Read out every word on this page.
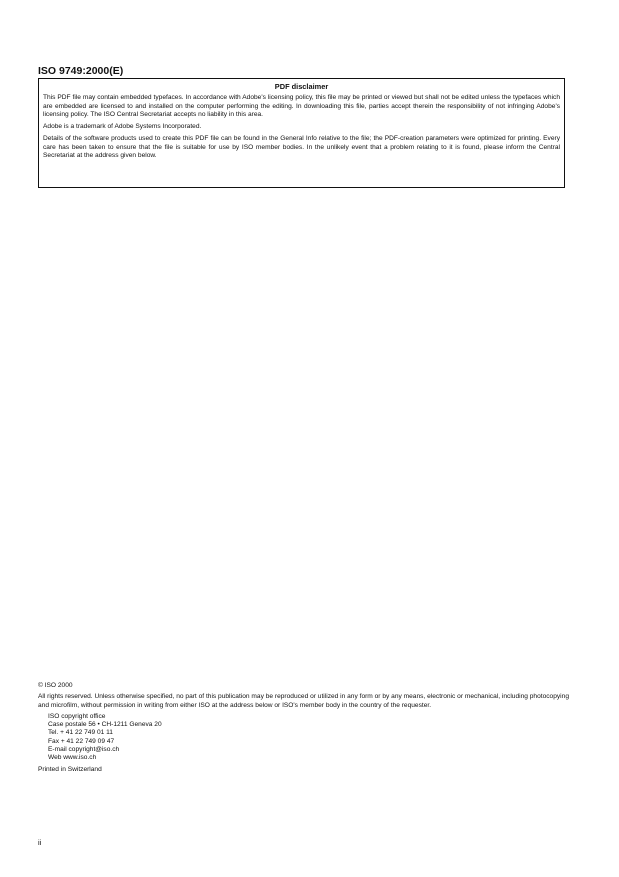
ISO 9749:2000(E)
PDF disclaimer

This PDF file may contain embedded typefaces. In accordance with Adobe's licensing policy, this file may be printed or viewed but shall not be edited unless the typefaces which are embedded are licensed to and installed on the computer performing the editing. In downloading this file, parties accept therein the responsibility of not infringing Adobe's licensing policy. The ISO Central Secretariat accepts no liability in this area.

Adobe is a trademark of Adobe Systems Incorporated.

Details of the software products used to create this PDF file can be found in the General Info relative to the file; the PDF-creation parameters were optimized for printing. Every care has been taken to ensure that the file is suitable for use by ISO member bodies. In the unlikely event that a problem relating to it is found, please inform the Central Secretariat at the address given below.

© ISO 2000

All rights reserved. Unless otherwise specified, no part of this publication may be reproduced or utilized in any form or by any means, electronic or mechanical, including photocopying and microfilm, without permission in writing from either ISO at the address below or ISO's member body in the country of the requester.

ISO copyright office
Case postale 56 • CH-1211 Geneva 20
Tel. + 41 22 749 01 11
Fax + 41 22 749 09 47
E-mail copyright@iso.ch
Web www.iso.ch

Printed in Switzerland

ii
